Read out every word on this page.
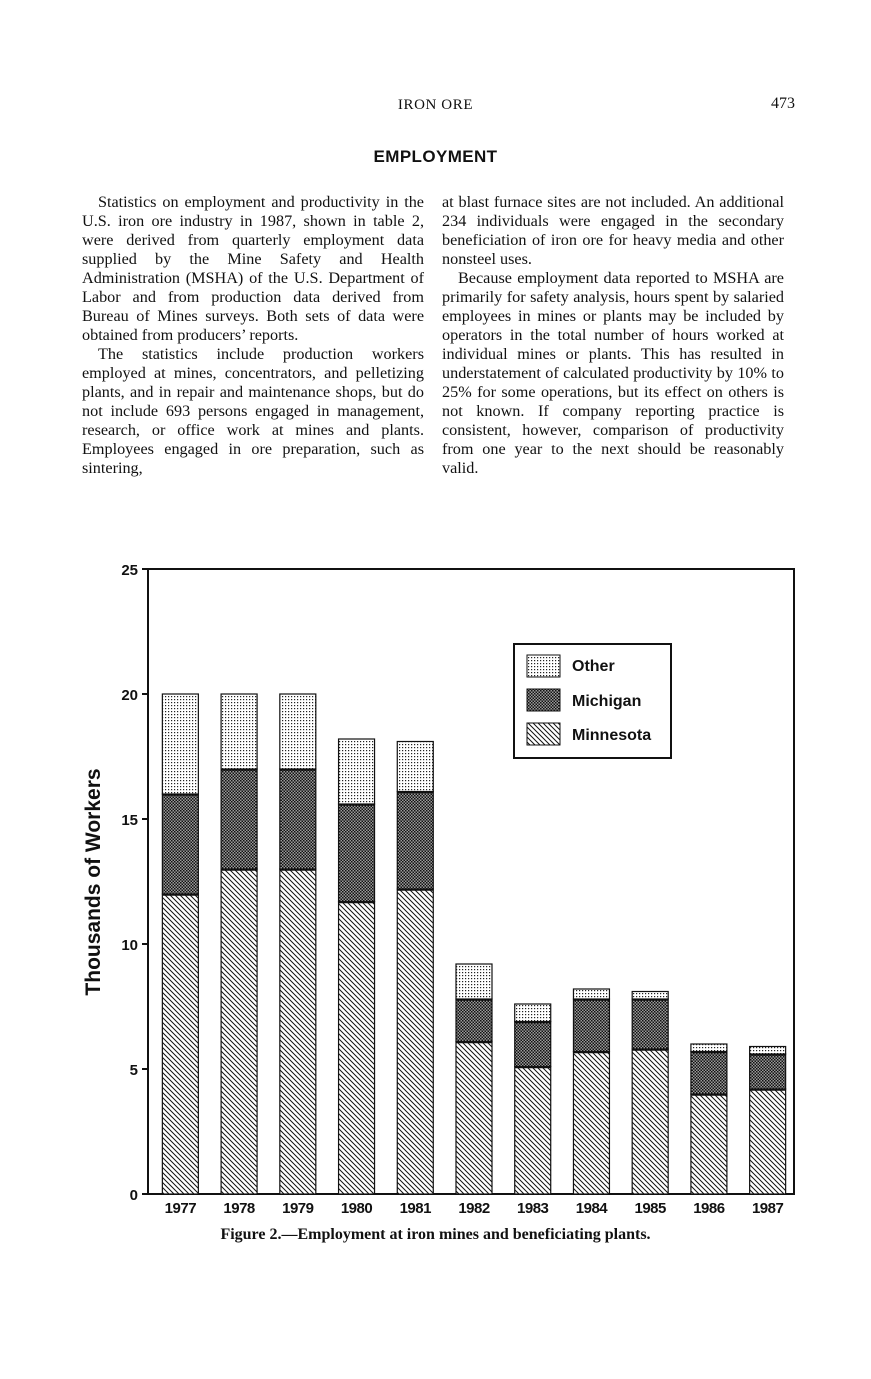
IRON ORE	473
EMPLOYMENT

Statistics on employment and productivity in the U.S. iron ore industry in 1987, shown in table 2, were derived from quarterly employment data supplied by the Mine Safety and Health Administration (MSHA) of the U.S. Department of Labor and from production data derived from Bureau of Mines surveys. Both sets of data were obtained from producers’ reports.

The statistics include production workers employed at mines, concentrators, and pelletizing plants, and in repair and maintenance shops, but do not include 693 persons engaged in management, research, or office work at mines and plants. Employees engaged in ore preparation, such as sintering,

at blast furnace sites are not included. An additional 234 individuals were engaged in the secondary beneficiation of iron ore for heavy media and other nonsteel uses.

Because employment data reported to MSHA are primarily for safety analysis, hours spent by salaried employees in mines or plants may be included by operators in the total number of hours worked at individual mines or plants. This has resulted in understatement of calculated productivity by 10% to 25% for some operations, but its effect on others is not known. If company reporting practice is consistent, however, comparison of productivity from one year to the next should be reasonably valid.

0
5
10
15
20
25
Thousands of Workers
1977 1978 1979 1980 1981 1982 1983 1984 1985 1986 1987
Other
Michigan
Minnesota
Figure 2.—Employment at iron mines and beneficiating plants.
